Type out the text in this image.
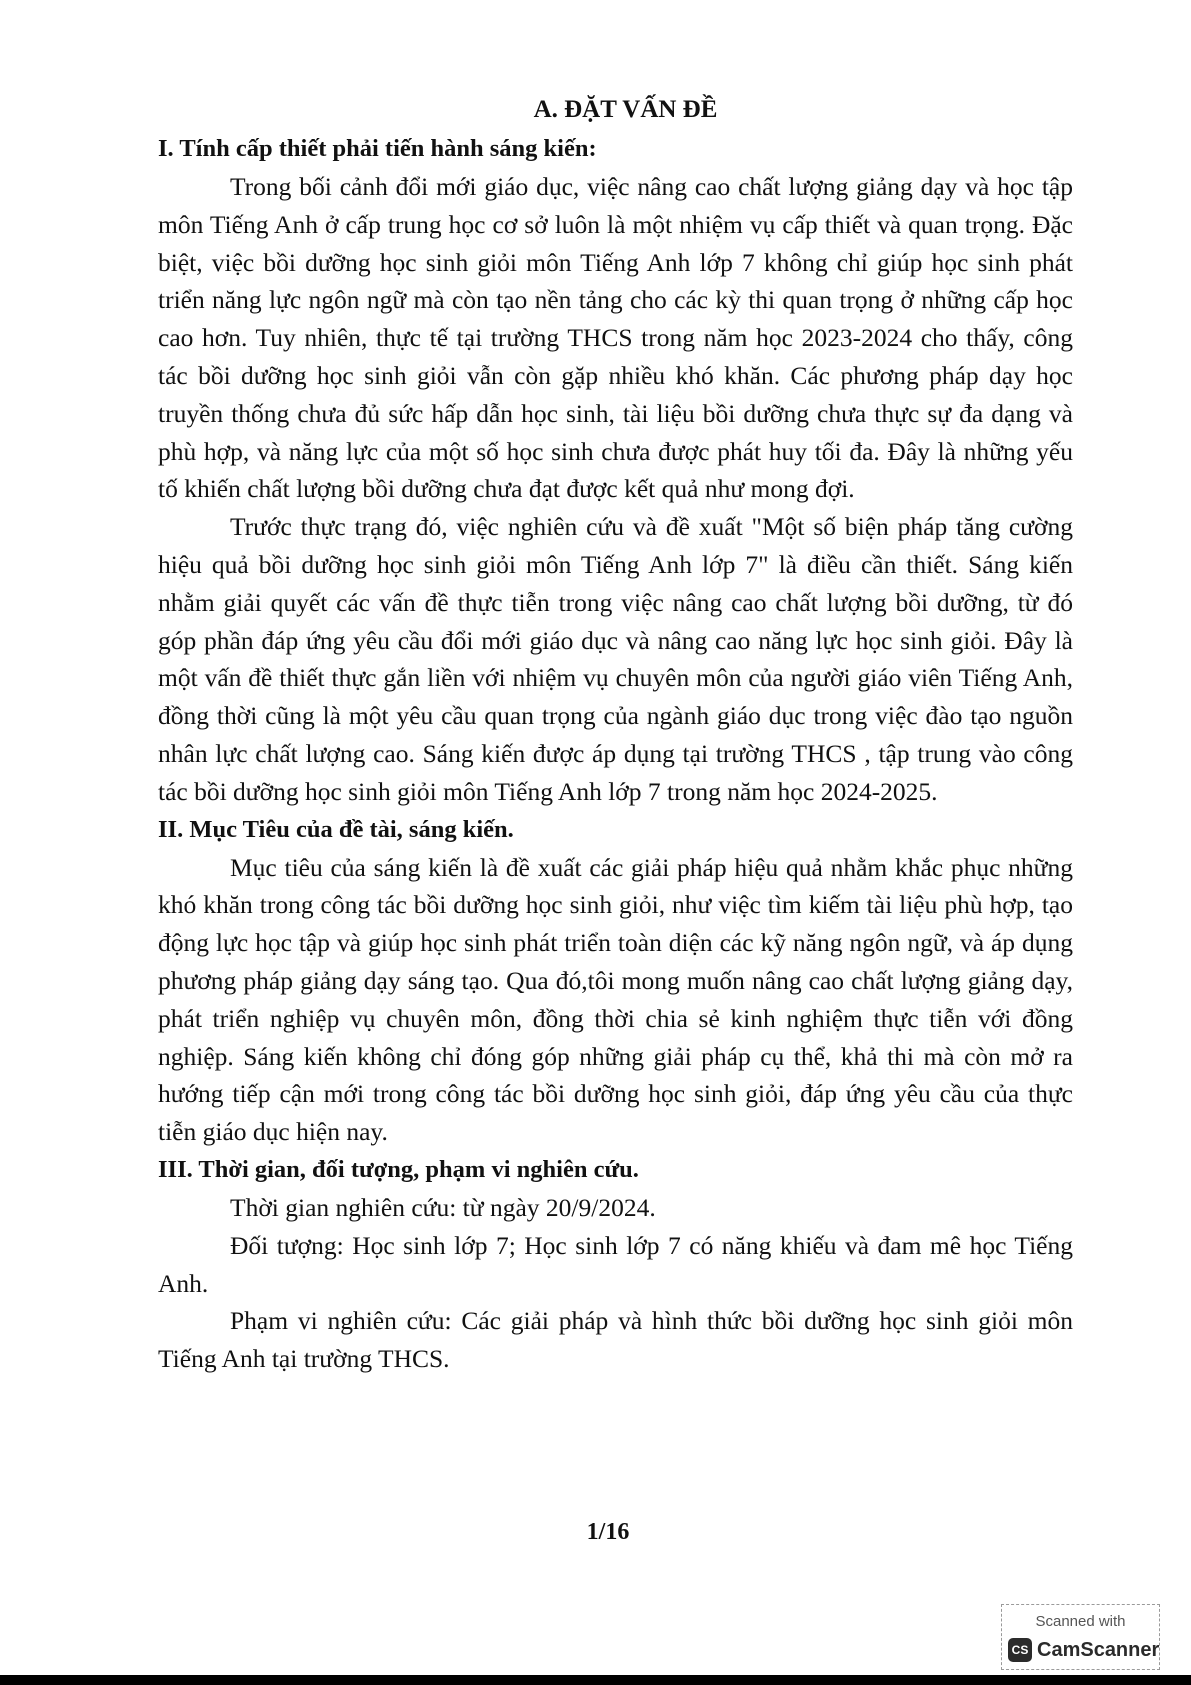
A. ĐẶT VẤN ĐỀ
I. Tính cấp thiết phải tiến hành sáng kiến:

Trong bối cảnh đổi mới giáo dục, việc nâng cao chất lượng giảng dạy và học tập môn Tiếng Anh ở cấp trung học cơ sở luôn là một nhiệm vụ cấp thiết và quan trọng. Đặc biệt, việc bồi dưỡng học sinh giỏi môn Tiếng Anh lớp 7 không chỉ giúp học sinh phát triển năng lực ngôn ngữ mà còn tạo nền tảng cho các kỳ thi quan trọng ở những cấp học cao hơn. Tuy nhiên, thực tế tại trường THCS trong năm học 2023-2024 cho thấy, công tác bồi dưỡng học sinh giỏi vẫn còn gặp nhiều khó khăn. Các phương pháp dạy học truyền thống chưa đủ sức hấp dẫn học sinh, tài liệu bồi dưỡng chưa thực sự đa dạng và phù hợp, và năng lực của một số học sinh chưa được phát huy tối đa. Đây là những yếu tố khiến chất lượng bồi dưỡng chưa đạt được kết quả như mong đợi.

Trước thực trạng đó, việc nghiên cứu và đề xuất "Một số biện pháp tăng cường hiệu quả bồi dưỡng học sinh giỏi môn Tiếng Anh lớp 7" là điều cần thiết. Sáng kiến nhằm giải quyết các vấn đề thực tiễn trong việc nâng cao chất lượng bồi dưỡng, từ đó góp phần đáp ứng yêu cầu đổi mới giáo dục và nâng cao năng lực học sinh giỏi. Đây là một vấn đề thiết thực gắn liền với nhiệm vụ chuyên môn của người giáo viên Tiếng Anh, đồng thời cũng là một yêu cầu quan trọng của ngành giáo dục trong việc đào tạo nguồn nhân lực chất lượng cao. Sáng kiến được áp dụng tại trường THCS , tập trung vào công tác bồi dưỡng học sinh giỏi môn Tiếng Anh lớp 7 trong năm học 2024-2025.

II. Mục Tiêu của đề tài, sáng kiến.

Mục tiêu của sáng kiến là đề xuất các giải pháp hiệu quả nhằm khắc phục những khó khăn trong công tác bồi dưỡng học sinh giỏi, như việc tìm kiếm tài liệu phù hợp, tạo động lực học tập và giúp học sinh phát triển toàn diện các kỹ năng ngôn ngữ, và áp dụng phương pháp giảng dạy sáng tạo. Qua đó,tôi mong muốn nâng cao chất lượng giảng dạy, phát triển nghiệp vụ chuyên môn, đồng thời chia sẻ kinh nghiệm thực tiễn với đồng nghiệp. Sáng kiến không chỉ đóng góp những giải pháp cụ thể, khả thi mà còn mở ra hướng tiếp cận mới trong công tác bồi dưỡng học sinh giỏi, đáp ứng yêu cầu của thực tiễn giáo dục hiện nay.

III. Thời gian, đối tượng, phạm vi nghiên cứu.

Thời gian nghiên cứu: từ ngày 20/9/2024.

Đối tượng: Học sinh lớp 7; Học sinh lớp 7 có năng khiếu và đam mê học Tiếng Anh.

Phạm vi nghiên cứu: Các giải pháp và hình thức bồi dưỡng học sinh giỏi môn Tiếng Anh tại trường THCS.

1/16
Scanned with
CS CamScanner
